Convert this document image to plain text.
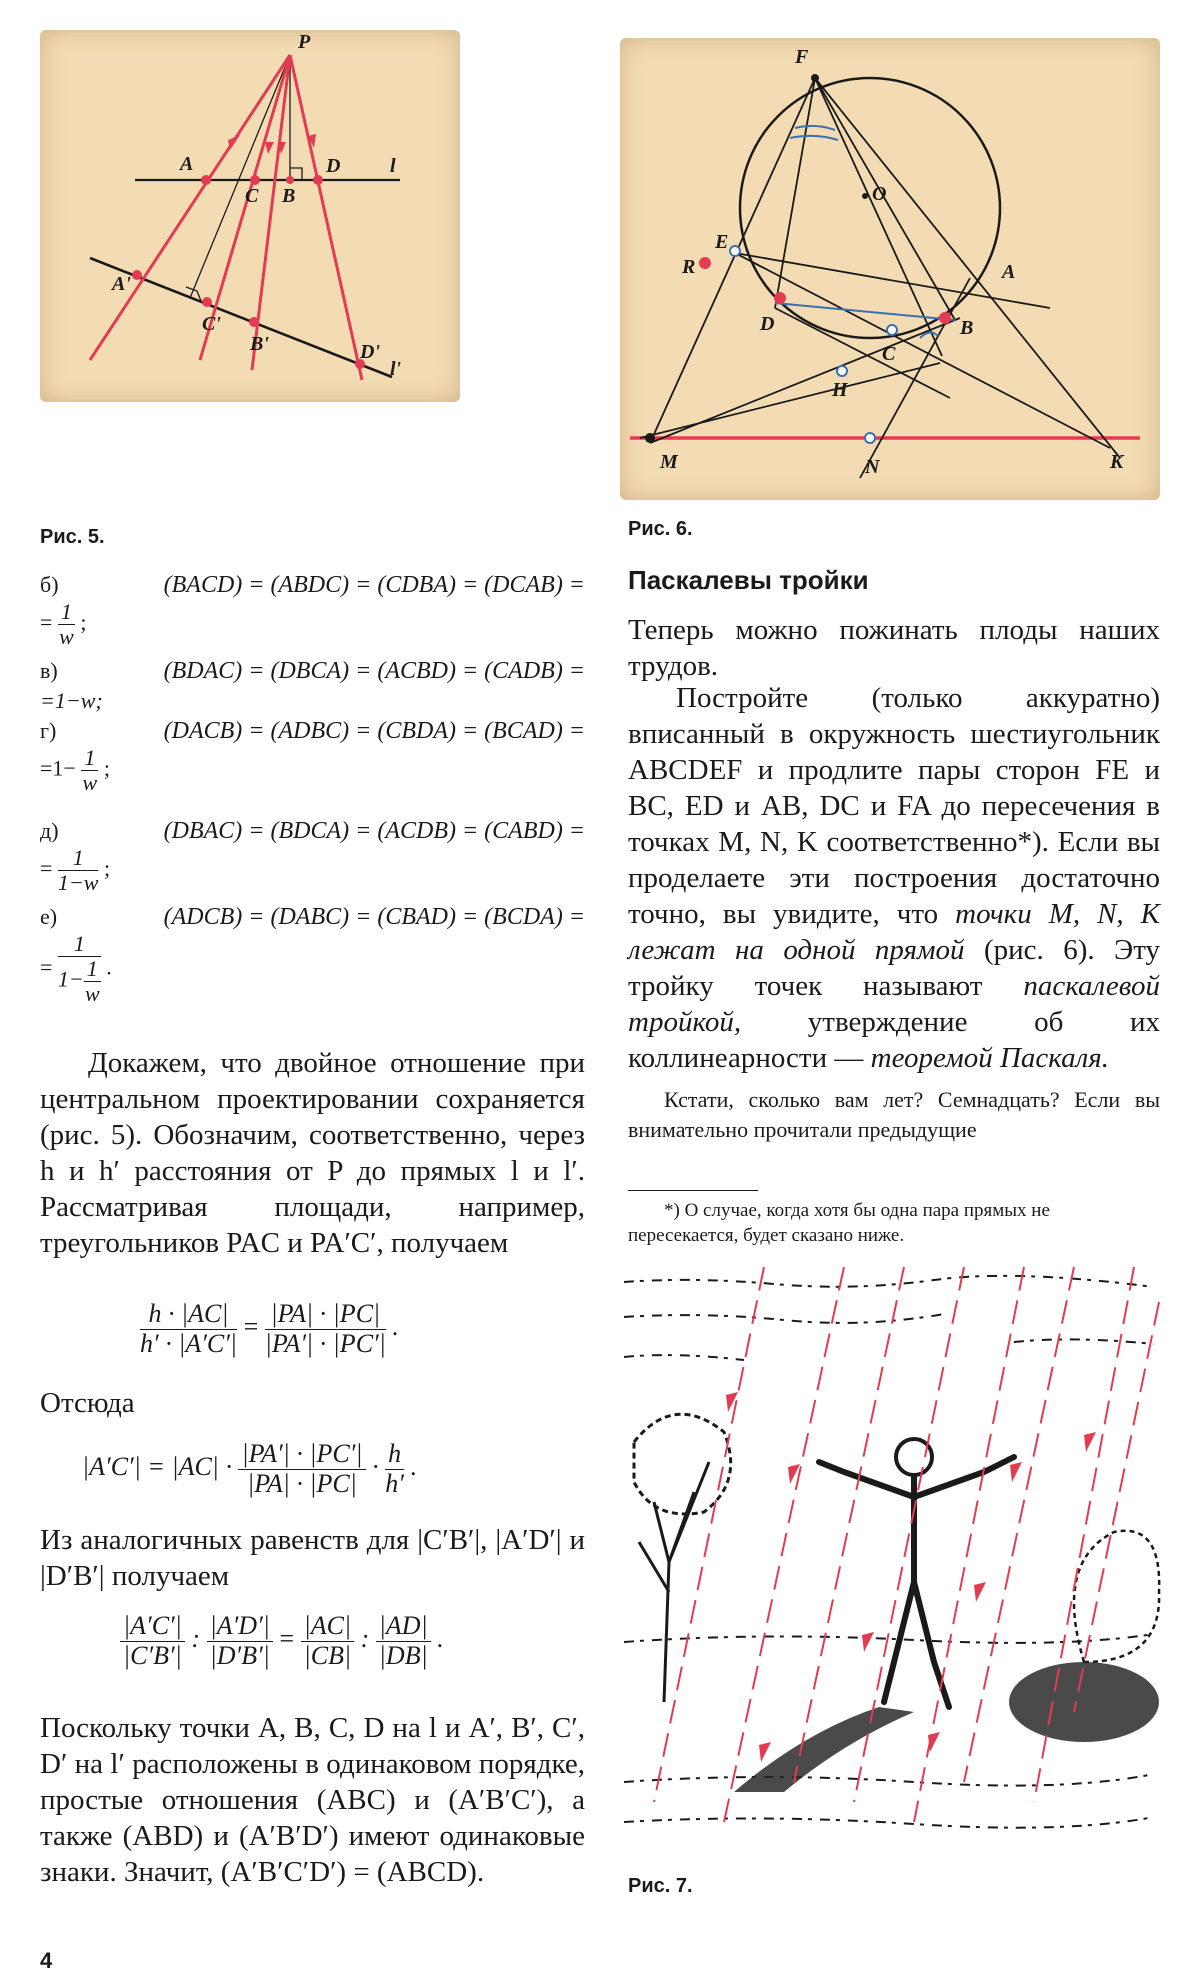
P
A
C B
D l
A'
C'
B'	D'
l'
Рис. 5.
F
O
E
R	A
D	B
C
H
M	N	K
Рис. 6.
б)	(BACD) = (ABDC) = (CDBA) = (DCAB) =
= $\frac{1}{w}$ ;
в)	(BDAC) = (DBCA) = (ACBD) = (CADB) =
=1−w;
г)	(DACB) = (ADBC) = (CBDA) = (BCAD) =
$=1- \frac{1}{w}$ ;
д)	(DBAC) = (BDCA) = (ACDB) = (CABD) =
= $\frac{1}{1-w}$ ;
е)	(ADCB) = (DABC) = (CBAD) = (BCDA) =
= $\frac{1}{1- \frac{1}{w}}$ .
Докажем, что двойное отношение при центральном проектировании сохраняется (рис. 5). Обозначим, соответственно, через h и h′ расстояния от P до прямых l и l′. Рассматривая площади, например, треугольников PAC и PA′C′, получаем
$\frac{h \cdot |AC|}{h' \cdot |A'C'|} = \frac{|PA| \cdot |PC|}{|PA'| \cdot |PC'|}$ .
Отсюда
$|A'C'| = |AC| \cdot \frac{|PA'| \cdot |PC'|}{|PA| \cdot |PC|} \cdot \frac{h}{h'}$ .
Из аналогичных равенств для |C′B′|, |A′D′| и |D′B′| получаем
$\frac{|A'C'|}{|C'B'|}$ : $\frac{|A'D'|}{|D'B'|} = \frac{|AC|}{|CB|}$ : $\frac{|AD|}{|DB|}$ .
Поскольку точки A, B, C, D на l и A′, B′, C′, D′ на l′ расположены в одинаковом порядке, простые отношения (ABC) и (A′B′C′), а также (ABD) и (A′B′D′) имеют одинаковые знаки. Значит, (A′B′C′D′) = (ABCD).
4
Паскалевы тройки
Теперь можно пожинать плоды наших трудов.
Постройте (только аккуратно) вписанный в окружность шестиугольник ABCDEF и продлите пары сторон FE и BC, ED и AB, DC и FA до пересечения в точках M, N, K соответственно*). Если вы проделаете эти построения достаточно точно, вы увидите, что точки M, N, K лежат на одной прямой (рис. 6). Эту тройку точек называют паскалевой тройкой, утверждение об их коллинеарности — теоремой Паскаля.
Кстати, сколько вам лет? Семнадцать? Если вы внимательно прочитали предыдущие
*) О случае, когда хотя бы одна пара прямых не пересекается, будет сказано ниже.
Рис. 7.
